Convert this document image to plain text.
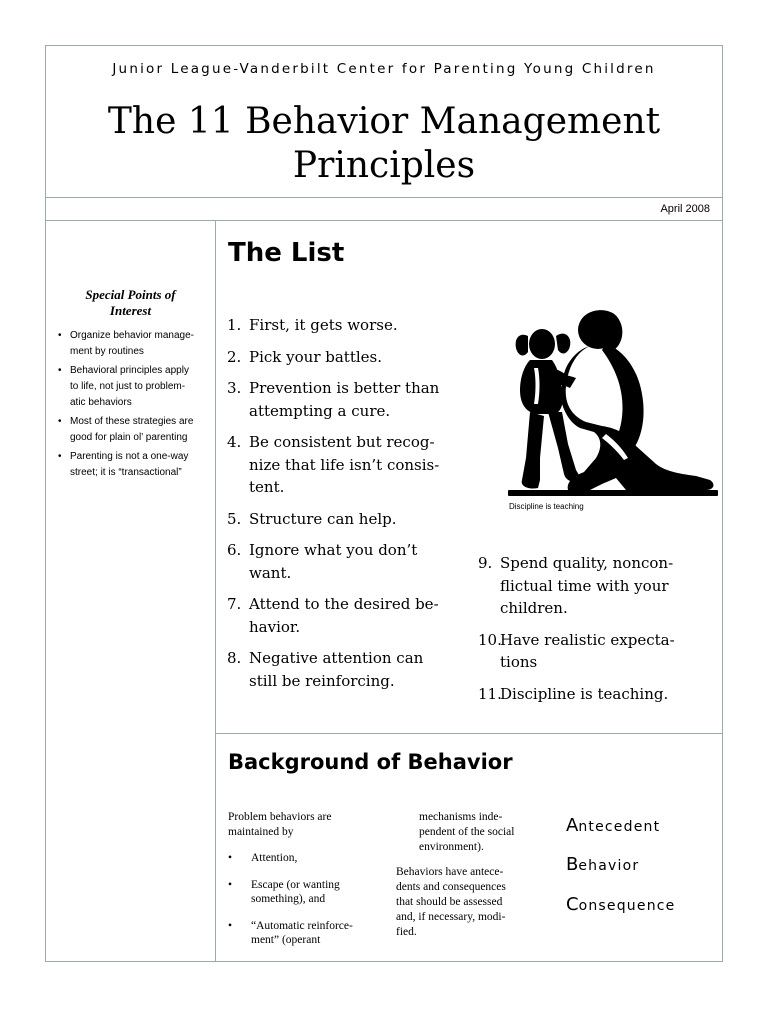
Junior League-Vanderbilt Center for Parenting Young Children
The 11 Behavior Management
Principles
April 2008
Special Points of
Interest
• Organize behavior manage-
ment by routines
• Behavioral principles apply
to life, not just to problem-
atic behaviors
• Most of these strategies are
good for plain ol’ parenting
• Parenting is not a one-way
street; it is “transactional”
The List
1. First, it gets worse.
2. Pick your battles.
3. Prevention is better than
attempting a cure.
4. Be consistent but recog-
nize that life isn’t consis-
tent.
5. Structure can help.
6. Ignore what you don’t
want.
7. Attend to the desired be-
havior.
8. Negative attention can
still be reinforcing.
9. Spend quality, noncon-
flictual time with your
children.
10.
Have realistic expecta-
tions
11.
Discipline is teaching.
Discipline is teaching
Background of Behavior
Problem behaviors are
maintained by
• Attention,
• Escape (or wanting
something), and
• “Automatic reinforce-
ment” (operant
mechanisms inde-
pendent of the social
environment).
Behaviors have antece-
dents and consequences
that should be assessed
and, if necessary, modi-
fied.
Antecedent
Behavior
Consequence
